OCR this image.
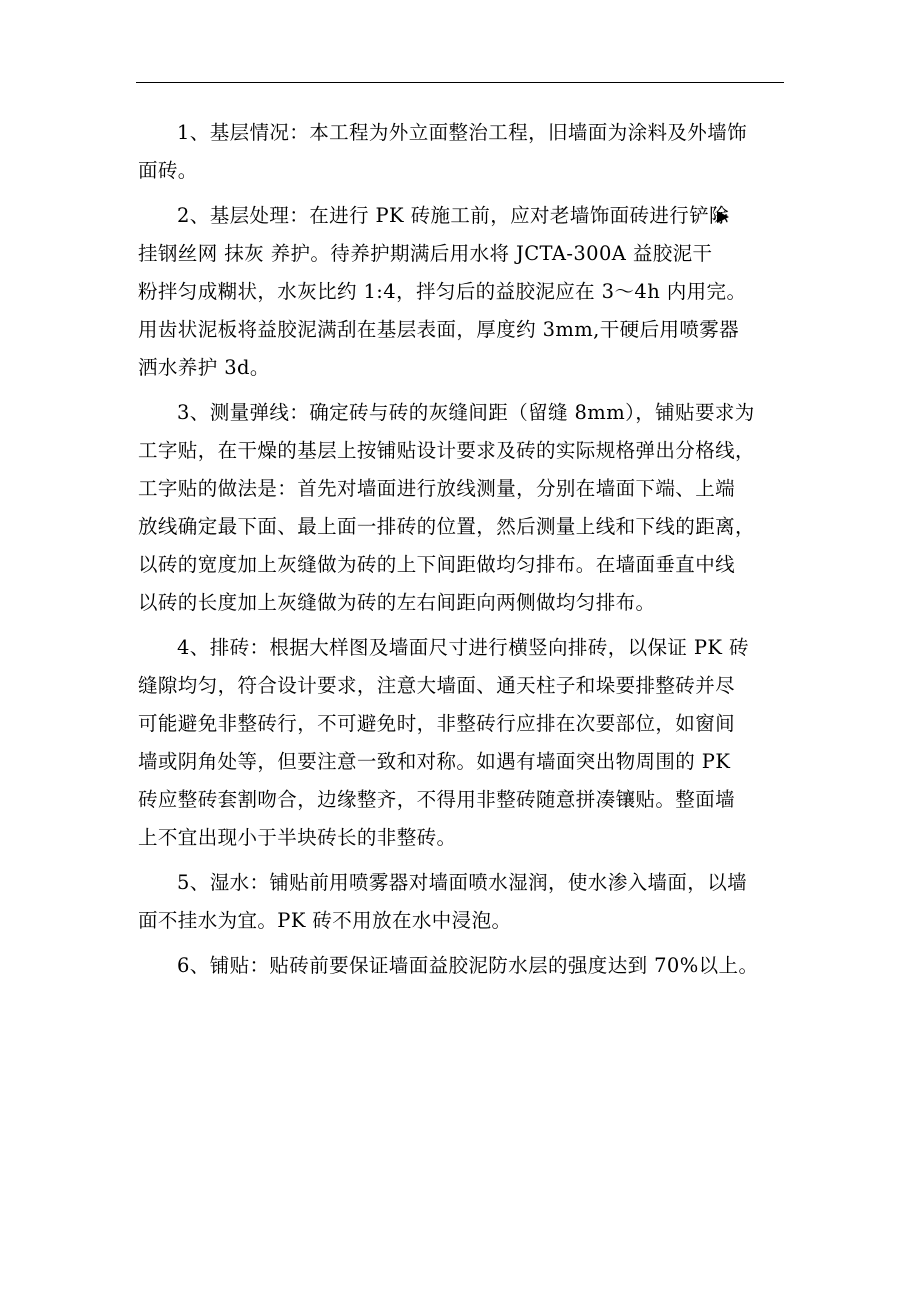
1、基层情况：本工程为外立面整治工程，旧墙面为涂料及外墙饰
面砖。

2、基层处理：在进行 PK 砖施工前，应对老墙饰面砖进行铲除
挂钢丝网 抹灰 养护。待养护期满后用水将 JCTA-300A 益胶泥干
粉拌匀成糊状，水灰比约 1:4，拌匀后的益胶泥应在 3～4h 内用完。
用齿状泥板将益胶泥满刮在基层表面，厚度约 3mm,干硬后用喷雾器
洒水养护 3d。

3、测量弹线：确定砖与砖的灰缝间距（留缝 8mm），铺贴要求为
工字贴，在干燥的基层上按铺贴设计要求及砖的实际规格弹出分格线，
工字贴的做法是：首先对墙面进行放线测量，分别在墙面下端、上端
放线确定最下面、最上面一排砖的位置，然后测量上线和下线的距离，
以砖的宽度加上灰缝做为砖的上下间距做均匀排布。在墙面垂直中线
以砖的长度加上灰缝做为砖的左右间距向两侧做均匀排布。

4、排砖：根据大样图及墙面尺寸进行横竖向排砖，以保证 PK 砖
缝隙均匀，符合设计要求，注意大墙面、通天柱子和垛要排整砖并尽
可能避免非整砖行，不可避免时，非整砖行应排在次要部位，如窗间
墙或阴角处等，但要注意一致和对称。如遇有墙面突出物周围的 PK
砖应整砖套割吻合，边缘整齐，不得用非整砖随意拼凑镶贴。整面墙
上不宜出现小于半块砖长的非整砖。

5、湿水：铺贴前用喷雾器对墙面喷水湿润，使水渗入墙面，以墙
面不挂水为宜。PK 砖不用放在水中浸泡。

6、铺贴：贴砖前要保证墙面益胶泥防水层的强度达到 70%以上。
